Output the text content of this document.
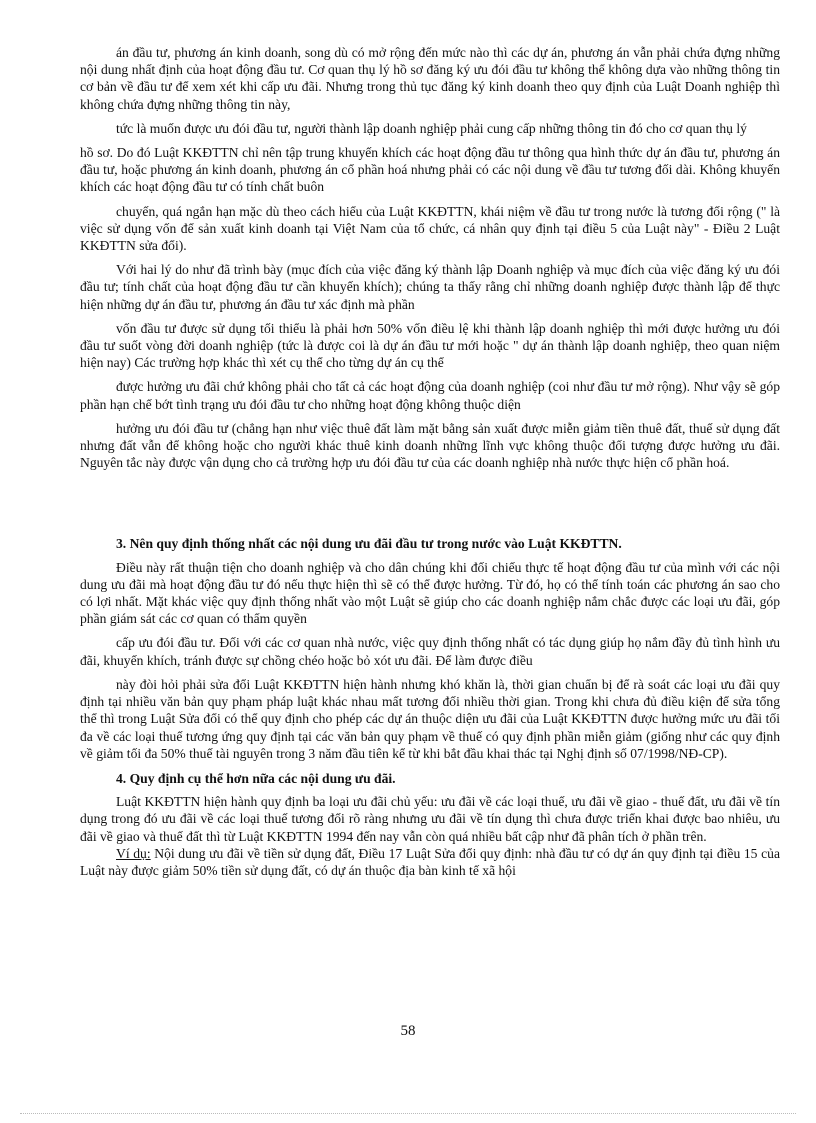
án đầu tư, phương án kinh doanh, song dù có mở rộng đến mức nào thì các dự án, phương án vẫn phải chứa đựng những nội dung nhất định của hoạt động đầu tư. Cơ quan thụ lý hồ sơ đăng ký ưu đói đầu tư không thể không dựa vào những thông tin cơ bản về đầu tư để xem xét khi cấp ưu đãi. Nhưng trong thủ tục đăng ký kinh doanh theo quy định của Luật Doanh nghiệp thì không chứa đựng những thông tin này,

tức là muốn được ưu đói đầu tư, người thành lập doanh nghiệp phải cung cấp những thông tin đó cho cơ quan thụ lý

hồ sơ. Do đó Luật KKĐTTN chỉ nên tập trung khuyến khích các hoạt động đầu tư thông qua hình thức dự án đầu tư, phương án đầu tư, hoặc phương án kinh doanh, phương án cổ phần hoá nhưng phải có các nội dung về đầu tư tương đối dài. Không khuyến khích các hoạt động đầu tư có tính chất buôn

chuyến, quá ngắn hạn mặc dù theo cách hiểu của Luật KKĐTTN, khái niệm về đầu tư trong nước là tương đối rộng (" là việc sử dụng vốn để sản xuất kinh doanh tại Việt Nam của tổ chức, cá nhân quy định tại điều 5 của Luật này" - Điều 2 Luật KKĐTTN sửa đổi).

Với hai lý do như đã trình bày (mục đích của việc đăng ký thành lập Doanh nghiệp và mục đích của việc đăng ký ưu đói đầu tư; tính chất của hoạt động đầu tư cần khuyến khích); chúng ta thấy rằng chỉ những doanh nghiệp được thành lập để thực hiện những dự án đầu tư, phương án đầu tư xác định mà phần

vốn đầu tư được sử dụng tối thiểu là phải hơn 50% vốn điều lệ khi thành lập doanh nghiệp thì mới được hưởng ưu đói đầu tư suốt vòng đời doanh nghiệp (tức là được coi là dự án đầu tư mới hoặc " dự án thành lập doanh nghiệp, theo quan niệm hiện nay) Các trường hợp khác thì xét cụ thể cho từng dự án cụ thể

được hưởng ưu đãi chứ không phải cho tất cả các hoạt động của doanh nghiệp (coi như đầu tư mở rộng). Như vậy sẽ góp phần hạn chế bớt tình trạng ưu đói đầu tư cho những hoạt động không thuộc diện

hưởng ưu đói đầu tư (chẳng hạn như việc thuê đất làm mặt bằng sản xuất được miễn giảm tiền thuê đất, thuế sử dụng đất nhưng đất vẫn để không hoặc cho người khác thuê kinh doanh những lĩnh vực không thuộc đối tượng được hưởng ưu đãi. Nguyên tắc này được vận dụng cho cả trường hợp ưu đói đầu tư của các doanh nghiệp nhà nước thực hiện cổ phần hoá.

3. Nên quy định thống nhất các nội dung ưu đãi đầu tư trong nước vào Luật KKĐTTN.

Điều này rất thuận tiện cho doanh nghiệp và cho dân chúng khi đối chiếu thực tế hoạt động đầu tư của mình với các nội dung ưu đãi mà hoạt động đầu tư đó nếu thực hiện thì sẽ có thể được hưởng. Từ đó, họ có thể tính toán các phương án sao cho có lợi nhất. Mặt khác việc quy định thống nhất vào một Luật sẽ giúp cho các doanh nghiệp nắm chắc được các loại ưu đãi, góp phần giám sát các cơ quan có thẩm quyền

cấp ưu đói đầu tư. Đối với các cơ quan nhà nước, việc quy định thống nhất có tác dụng giúp họ nắm đầy đủ tình hình ưu đãi, khuyến khích, tránh được sự chồng chéo hoặc bỏ xót ưu đãi. Để làm được điều

này đòi hỏi phải sửa đổi Luật KKĐTTN hiện hành nhưng khó khăn là, thời gian chuẩn bị để rà soát các loại ưu đãi quy định tại nhiều văn bản quy phạm pháp luật khác nhau mất tương đối nhiều thời gian. Trong khi chưa đủ điều kiện để sửa tổng thể thì trong Luật Sửa đổi có thể quy định cho phép các dự án thuộc diện ưu đãi của Luật KKĐTTN được hưởng mức ưu đãi tối đa về các loại thuế tương ứng quy định tại các văn bản quy phạm về thuế có quy định phần miễn giảm (giống như các quy định về giảm tối đa 50% thuế tài nguyên trong 3 năm đầu tiên kể từ khi bắt đầu khai thác tại Nghị định số 07/1998/NĐ-CP).

4. Quy định cụ thể hơn nữa các nội dung ưu đãi.

Luật KKĐTTN hiện hành quy định ba loại ưu đãi chủ yếu: ưu đãi về các loại thuế, ưu đãi về giao - thuế đất, ưu đãi về tín dụng trong đó ưu đãi về các loại thuế tương đối rõ ràng nhưng ưu đãi về tín dụng thì chưa được triển khai được bao nhiêu, ưu đãi về giao và thuế đất thì từ Luật KKĐTTN 1994 đến nay vẫn còn quá nhiều bất cập như đã phân tích ở phần trên.

Ví dụ: Nội dung ưu đãi về tiền sử dụng đất, Điều 17 Luật Sửa đổi quy định: nhà đầu tư có dự án quy định tại điều 15 của Luật này được giảm 50% tiền sử dụng đất, có dự án thuộc địa bàn kinh tế xã hội

58
